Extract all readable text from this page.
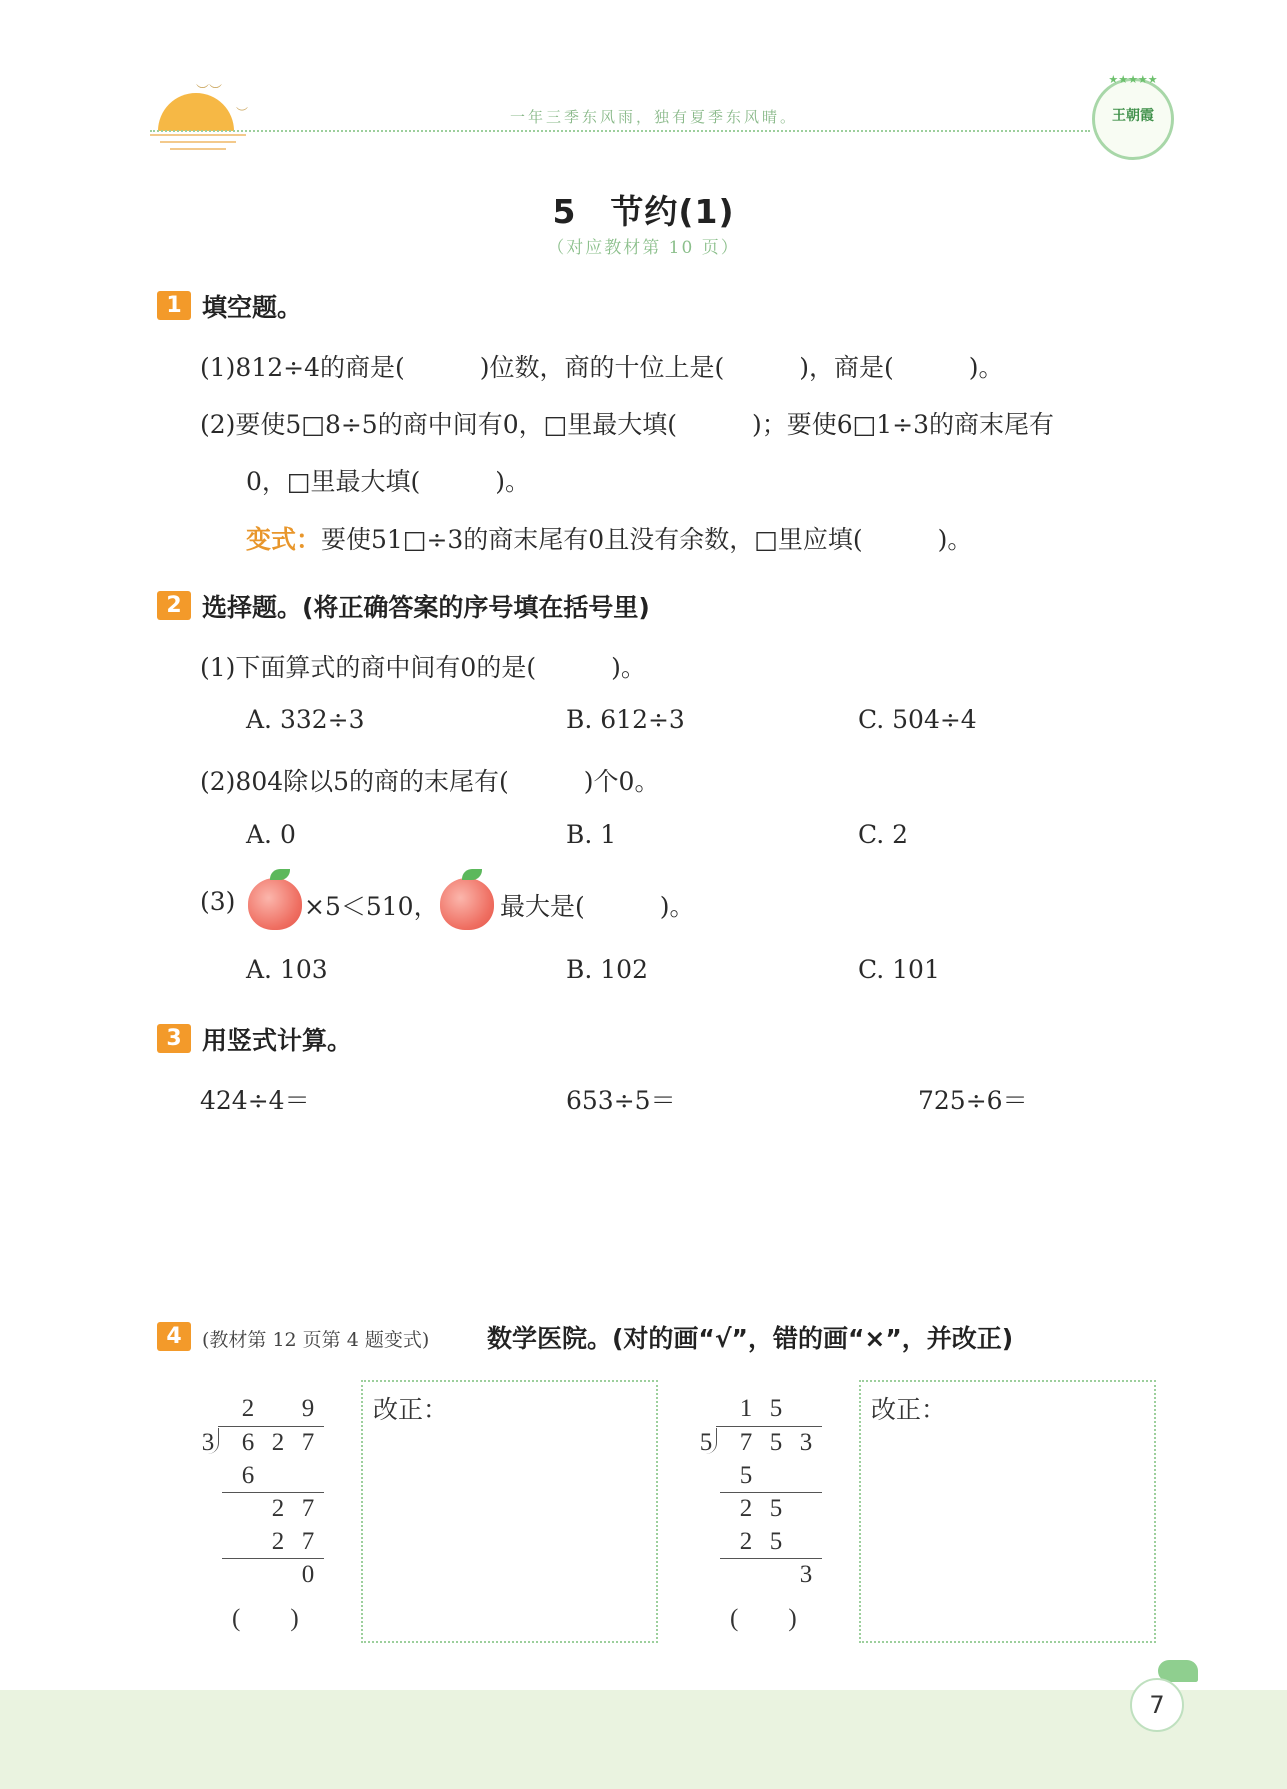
︶︶
︶	一年三季东风雨，独有夏季东风晴。
★★★★★
王朝霞
5　节约(1)
（对应教材第 10 页）
1 填空题。
(1)812÷4的商是(　　　)位数，商的十位上是(　　　)，商是(　　　)。
(2)要使5□8÷5的商中间有0，□里最大填(　　　)；要使6□1÷3的商末尾有
0，□里最大填(　　　)。
变式：要使51□÷3的商末尾有0且没有余数，□里应填(　　　)。
2 选择题。(将正确答案的序号填在括号里)
(1)下面算式的商中间有0的是(　　　)。
A. 332÷3	B. 612÷3	C. 504÷4
(2)804除以5的商的末尾有(　　　)个0。
A. 0	B. 1	C. 2
(3)	×5＜510， 最大是(　　　)。
A. 103	B. 102	C. 101
3 用竖式计算。
424÷4＝	653÷5＝	725÷6＝
4	(教材第 12 页第 4 题变式) 数学医院。(对的画“√”，错的画“×”，并改正)
2 9
3 6 2 7
6
2 7
2 7
0
(　　)
改正：	1 5
5 7 5 3
5
2 5
2 5
3
(　　)
改正：
7
